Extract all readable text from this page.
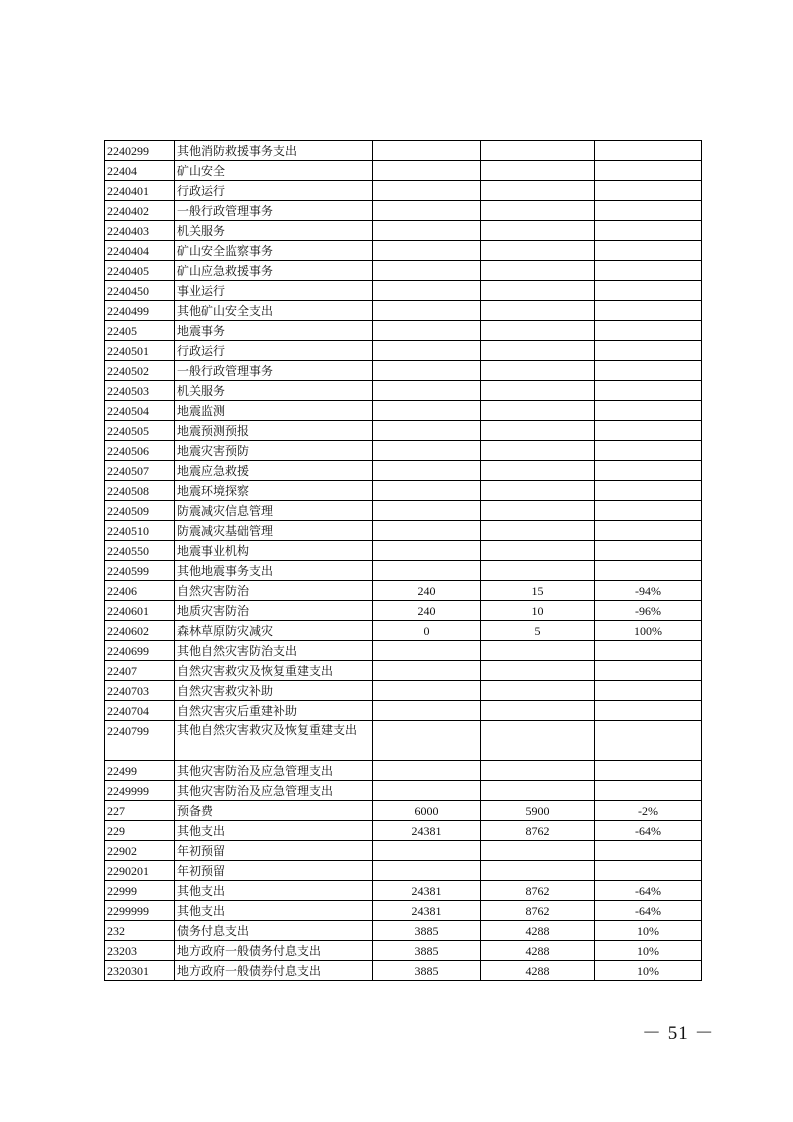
2240299	其他消防救援事务支出			
22404	矿山安全			
2240401	行政运行			
2240402	一般行政管理事务			
2240403	机关服务			
2240404	矿山安全监察事务			
2240405	矿山应急救援事务			
2240450	事业运行			
2240499	其他矿山安全支出			
22405	地震事务			
2240501	行政运行			
2240502	一般行政管理事务			
2240503	机关服务			
2240504	地震监测			
2240505	地震预测预报			
2240506	地震灾害预防			
2240507	地震应急救援			
2240508	地震环境探察			
2240509	防震减灾信息管理			
2240510	防震减灾基础管理			
2240550	地震事业机构			
2240599	其他地震事务支出			
22406	自然灾害防治	240	15	-94%
2240601	地质灾害防治	240	10	-96%
2240602	森林草原防灾减灾	0	5	100%
2240699	其他自然灾害防治支出			
22407	自然灾害救灾及恢复重建支出			
2240703	自然灾害救灾补助			
2240704	自然灾害灾后重建补助			
2240799	其他自然灾害救灾及恢复重建支出			
22499	其他灾害防治及应急管理支出			
2249999	其他灾害防治及应急管理支出			
227	预备费	6000	5900	-2%
229	其他支出	24381	8762	-64%
22902	年初预留			
2290201	年初预留			
22999	其他支出	24381	8762	-64%
2299999	其他支出	24381	8762	-64%
232	债务付息支出	3885	4288	10%
23203	地方政府一般债务付息支出	3885	4288	10%
2320301	地方政府一般债券付息支出	3885	4288	10%
－ 51 －
